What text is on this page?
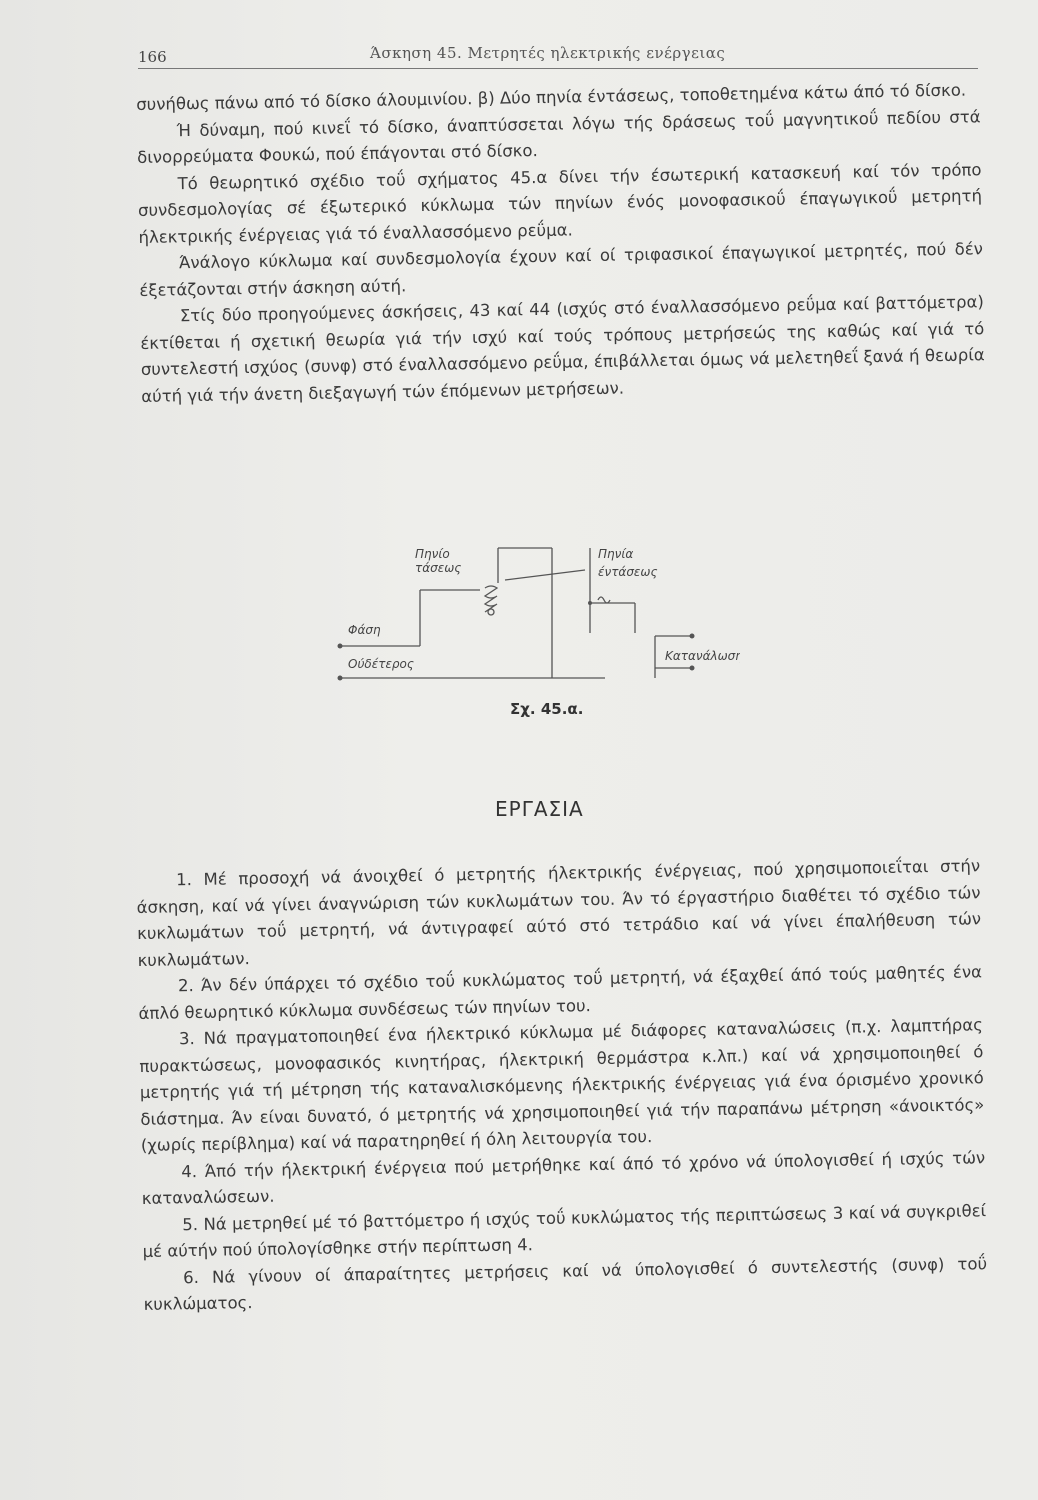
166	Άσκηση 45. Μετρητές ηλεκτρικής ενέργειας

συνήθως πάνω από τό δίσκο άλουμινίου. β) Δύο πηνία έντάσεως, τοποθετημένα κάτω άπό τό δίσκο.

Ή δύναμη, πού κινεΐ τό δίσκο, άναπτύσσεται λόγω τής δράσεως τοΰ μαγνητικοΰ πεδίου στά δινορρεύματα Φουκώ, πού έπάγονται στό δίσκο.

Τό θεωρητικό σχέδιο τοΰ σχήματος 45.α δίνει τήν έσωτερική κατασκευή καί τόν τρόπο συνδεσμολογίας σέ έξωτερικό κύκλωμα τών πηνίων ένός μονοφασικοΰ έπαγωγικοΰ μετρητή ήλεκτρικής ένέργειας γιά τό έναλλασσόμενο ρεΰμα.

Άνάλογο κύκλωμα καί συνδεσμολογία έχουν καί οί τριφασικοί έπαγωγικοί μετρητές, πού δέν έξετάζονται στήν άσκηση αύτή.

Στίς δύο προηγούμενες άσκήσεις, 43 καί 44 (ισχύς στό έναλλασσόμενο ρεΰμα καί βαττόμετρα) έκτίθεται ή σχετική θεωρία γιά τήν ισχύ καί τούς τρόπους μετρήσεώς της καθώς καί γιά τό συντελεστή ισχύος (συνφ) στό έναλλασσόμενο ρεΰμα, έπιβάλλεται όμως νά μελετηθεΐ ξανά ή θεωρία αύτή γιά τήν άνετη διεξαγωγή τών έπόμενων μετρήσεων.

Πηνίο
τάσεως
Πηνία
έντάσεως
Φάση
Ούδέτερος
Κατανάλωση
Σχ. 45.α.
ΕΡΓΑΣΙΑ

1. Μέ προσοχή νά άνοιχθεί ό μετρητής ήλεκτρικής ένέργειας, πού χρησιμοποιεΐται στήν άσκηση, καί νά γίνει άναγνώριση τών κυκλωμάτων του. Άν τό έργαστήριο διαθέτει τό σχέδιο τών κυκλωμάτων τοΰ μετρητή, νά άντιγραφεί αύτό στό τετράδιο καί νά γίνει έπαλήθευση τών κυκλωμάτων.

2. Άν δέν ύπάρχει τό σχέδιο τοΰ κυκλώματος τοΰ μετρητή, νά έξαχθεί άπό τούς μαθητές ένα άπλό θεωρητικό κύκλωμα συνδέσεως τών πηνίων του.

3. Νά πραγματοποιηθεί ένα ήλεκτρικό κύκλωμα μέ διάφορες καταναλώσεις (π.χ. λαμπτήρας πυρακτώσεως, μονοφασικός κινητήρας, ήλεκτρική θερμάστρα κ.λπ.) καί νά χρησιμοποιηθεί ό μετρητής γιά τή μέτρηση τής καταναλισκόμενης ήλεκτρικής ένέργειας γιά ένα όρισμένο χρονικό διάστημα. Άν είναι δυνατό, ό μετρητής νά χρησιμοποιηθεί γιά τήν παραπάνω μέτρηση «άνοικτός» (χωρίς περίβλημα) καί νά παρατηρηθεί ή όλη λειτουργία του.

4. Άπό τήν ήλεκτρική ένέργεια πού μετρήθηκε καί άπό τό χρόνο νά ύπολογισθεί ή ισχύς τών καταναλώσεων.

5. Νά μετρηθεί μέ τό βαττόμετρο ή ισχύς τοΰ κυκλώματος τής περιπτώσεως 3 καί νά συγκριθεί μέ αύτήν πού ύπολογίσθηκε στήν περίπτωση 4.

6. Νά γίνουν οί άπαραίτητες μετρήσεις καί νά ύπολογισθεί ό συντελεστής (συνφ) τοΰ κυκλώματος.
